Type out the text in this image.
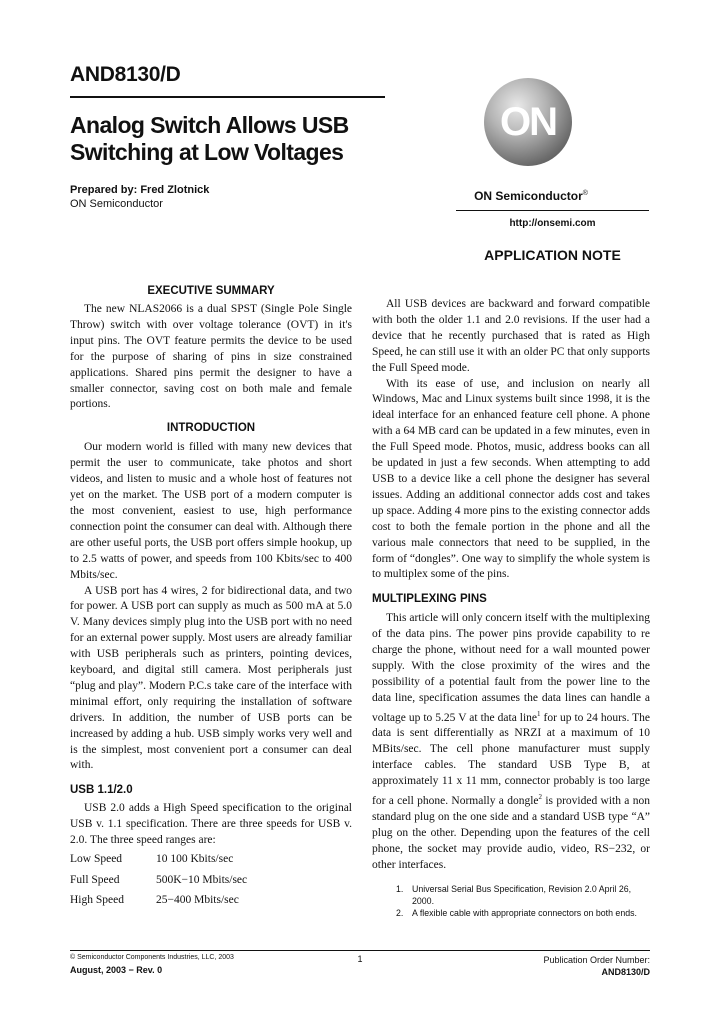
AND8130/D
Analog Switch Allows USB
Switching at Low Voltages
Prepared by: Fred Zlotnick
ON Semiconductor
ON
ON Semiconductor®
http://onsemi.com
APPLICATION NOTE

EXECUTIVE SUMMARY

The new NLAS2066 is a dual SPST (Single Pole Single Throw) switch with over voltage tolerance (OVT) in it's input pins. The OVT feature permits the device to be used for the purpose of sharing of pins in size constrained applications. Shared pins permit the designer to have a smaller connector, saving cost on both male and female portions.

INTRODUCTION

Our modern world is filled with many new devices that permit the user to communicate, take photos and short videos, and listen to music and a whole host of features not yet on the market. The USB port of a modern computer is the most convenient, easiest to use, high performance connection point the consumer can deal with. Although there are other useful ports, the USB port offers simple hookup, up to 2.5 watts of power, and speeds from 100 Kbits/sec to 400 Mbits/sec.

A USB port has 4 wires, 2 for bidirectional data, and two for power. A USB port can supply as much as 500 mA at 5.0 V. Many devices simply plug into the USB port with no need for an external power supply. Most users are already familiar with USB peripherals such as printers, pointing devices, keyboard, and digital still camera. Most peripherals just “plug and play”. Modern P.C.s take care of the interface with minimal effort, only requiring the installation of software drivers. In addition, the number of USB ports can be increased by adding a hub. USB simply works very well and is the simplest, most convenient port a consumer can deal with.

USB 1.1/2.0

USB 2.0 adds a High Speed specification to the original USB v. 1.1 specification. There are three speeds for USB v. 2.0. The three speed ranges are:

Low Speed	10 100 Kbits/sec
Full Speed	500K−10 Mbits/sec
High Speed	25−400 Mbits/sec

All USB devices are backward and forward compatible with both the older 1.1 and 2.0 revisions. If the user had a device that he recently purchased that is rated as High Speed, he can still use it with an older PC that only supports the Full Speed mode.

With its ease of use, and inclusion on nearly all Windows, Mac and Linux systems built since 1998, it is the ideal interface for an enhanced feature cell phone. A phone with a 64 MB card can be updated in a few minutes, even in the Full Speed mode. Photos, music, address books can all be updated in just a few seconds. When attempting to add USB to a device like a cell phone the designer has several issues. Adding an additional connector adds cost and takes up space. Adding 4 more pins to the existing connector adds cost to both the female portion in the phone and all the various male connectors that need to be supplied, in the form of “dongles”. One way to simplify the whole system is to multiplex some of the pins.

MULTIPLEXING PINS

This article will only concern itself with the multiplexing of the data pins. The power pins provide capability to re charge the phone, without need for a wall mounted power supply. With the close proximity of the wires and the possibility of a potential fault from the power line to the data line, specification assumes the data lines can handle a voltage up to 5.25 V at the data line$^1$ for up to 24 hours. The data is sent differentially as NRZI at a maximum of 10 MBits/sec. The cell phone manufacturer must supply interface cables. The standard USB Type B, at approximately 11 x 11 mm, connector probably is too large for a cell phone. Normally a dongle$^2$ is provided with a non standard plug on the one side and a standard USB type “A” plug on the other. Depending upon the features of the cell phone, the socket may provide audio, video, RS−232, or other interfaces.

1. Universal Serial Bus Specification, Revision 2.0 April 26, 2000.
2. A flexible cable with appropriate connectors on both ends.
© Semiconductor Components Industries, LLC, 2003
August, 2003 − Rev. 0
1	Publication Order Number:
AND8130/D
